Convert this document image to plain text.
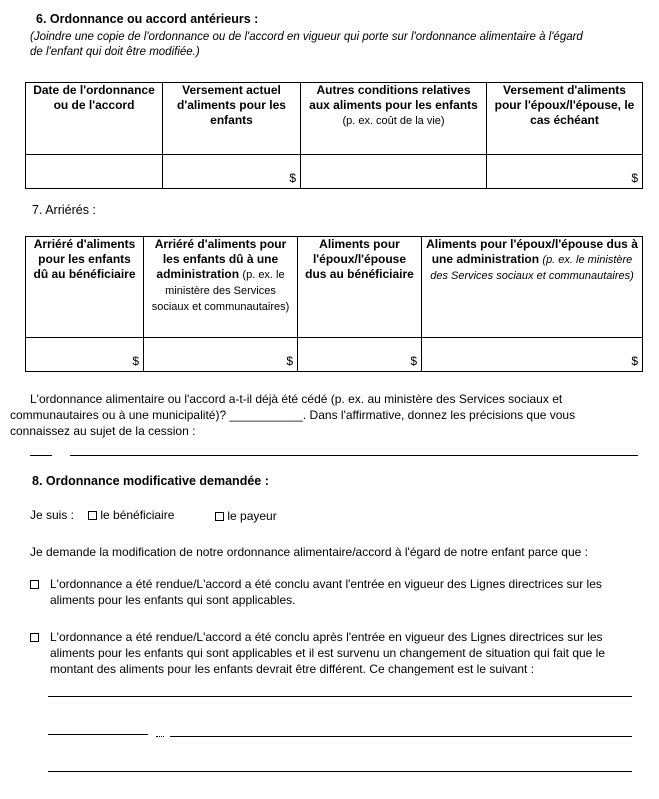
6. Ordonnance ou accord antérieurs :
(Joindre une copie de l'ordonnance ou de l'accord en vigueur qui porte sur l'ordonnance alimentaire à l'égard
de l'enfant qui doit être modifiée.)
Date de l'ordonnance ou de l'accord	Versement actuel d'aliments pour les enfants	Autres conditions relatives aux aliments pour les enfants (p. ex. coût de la vie)	Versement d'aliments pour l'époux/l'épouse, le cas échéant
	$		$
7. Arriérés :
Arriéré d'aliments pour les enfants dû au bénéficiaire	Arriéré d'aliments pour les enfants dû à une administration (p. ex. le ministère des Services sociaux et communautaires)	Aliments pour l'époux/l'épouse dus au bénéficiaire	Aliments pour l'époux/l'épouse dus à une administration (p. ex. le ministère des Services sociaux et communautaires)
$	$	$	$
L'ordonnance alimentaire ou l'accord a-t-il déjà été cédé (p. ex. au ministère des Services sociaux et
communautaires ou à une municipalité)? ___________. Dans l'affirmative, donnez les précisions que vous
connaissez au sujet de la cession :
8. Ordonnance modificative demandée :
Je suis :	le bénéficiaire	le payeur
Je demande la modification de notre ordonnance alimentaire/accord à l'égard de notre enfant parce que :

L'ordonnance a été rendue/L'accord a été conclu avant l'entrée en vigueur des Lignes directrices sur les

aliments pour les enfants qui sont applicables.

L'ordonnance a été rendue/L'accord a été conclu après l'entrée en vigueur des Lignes directrices sur les

aliments pour les enfants qui sont applicables et il est survenu un changement de situation qui fait que le

montant des aliments pour les enfants devrait être différent. Ce changement est le suivant :
